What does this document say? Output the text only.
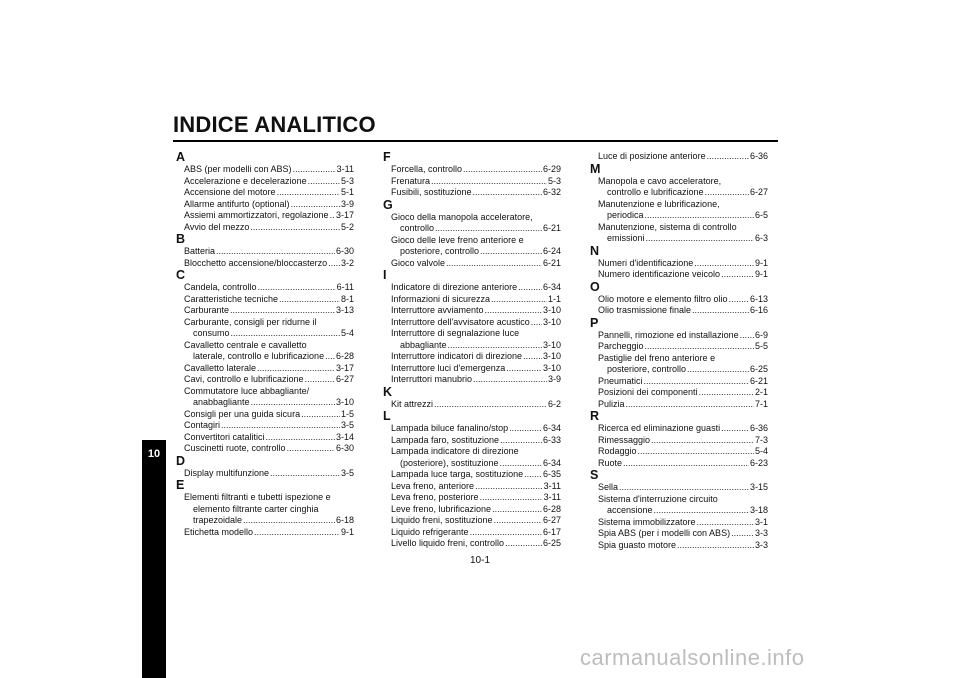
INDICE ANALITICO
10
A
ABS (per modelli con ABS) .....	3-11
Accelerazione e decelerazione .....	5-3
Accensione del motore .....	5-1
Allarme antifurto (optional) .....	3-9
Assiemi ammortizzatori, regolazione ..... 3-17
Avvio del mezzo .....	5-2
B
Batteria .....	6-30
Blocchetto accensione/bloccasterzo ..... 3-2
C
Candela, controllo .....	6-11
Caratteristiche tecniche .....	8-1
Carburante .....	3-13
Carburante, consigli per ridurne il
consumo .....	5-4
Cavalletto centrale e cavalletto
laterale, controllo e lubrificazione ..... 6-28
Cavalletto laterale .....	3-17
Cavi, controllo e lubrificazione .....	6-27
Commutatore luce abbagliante/
anabbagliante .....	3-10
Consigli per una guida sicura .....	1-5
Contagiri .....	3-5
Convertitori catalitici .....	3-14
Cuscinetti ruote, controllo .....	6-30
D
Display multifunzione .....	3-5
E
Elementi filtranti e tubetti ispezione e
elemento filtrante carter cinghia
trapezoidale .....	6-18
Etichetta modello .....	9-1
F
Forcella, controllo .....	6-29
Frenatura .....	5-3
Fusibili, sostituzione .....	6-32
G
Gioco della manopola acceleratore,
controllo .....	6-21
Gioco delle leve freno anteriore e
posteriore, controllo .....	6-24
Gioco valvole .....	6-21
I
Indicatore di direzione anteriore .....	6-34
Informazioni di sicurezza .....	1-1
Interruttore avviamento .....	3-10
Interruttore dell'avvisatore acustico ..... 3-10
Interruttore di segnalazione luce
abbagliante .....	3-10
Interruttore indicatori di direzione ..... 3-10
Interruttore luci d'emergenza .....	3-10
Interruttori manubrio .....	3-9
K
Kit attrezzi .....	6-2
L
Lampada biluce fanalino/stop .....	6-34
Lampada faro, sostituzione .....	6-33
Lampada indicatore di direzione
(posteriore), sostituzione .....	6-34
Lampada luce targa, sostituzione ..... 6-35
Leva freno, anteriore .....	3-11
Leva freno, posteriore .....	3-11
Leve freno, lubrificazione .....	6-28
Liquido freni, sostituzione .....	6-27
Liquido refrigerante .....	6-17
Livello liquido freni, controllo .....	6-25
Luce di posizione anteriore .....	6-36
M
Manopola e cavo acceleratore,
controllo e lubrificazione .....	6-27
Manutenzione e lubrificazione,
periodica .....	6-5
Manutenzione, sistema di controllo
emissioni .....	6-3
N
Numeri d'identificazione .....	9-1
Numero identificazione veicolo .....	9-1
O
Olio motore e elemento filtro olio ..... 6-13
Olio trasmissione finale .....	6-16
P
Pannelli, rimozione ed installazione ..... 6-9
Parcheggio .....	5-5
Pastiglie del freno anteriore e
posteriore, controllo .....	6-25
Pneumatici .....	6-21
Posizioni dei componenti .....	2-1
Pulizia .....	7-1
R
Ricerca ed eliminazione guasti .....	6-36
Rimessaggio .....	7-3
Rodaggio .....	5-4
Ruote .....	6-23
S
Sella .....	3-15
Sistema d'interruzione circuito
accensione .....	3-18
Sistema immobilizzatore .....	3-1
Spia ABS (per i modelli con ABS) .....	3-3
Spia guasto motore .....	3-3
10-1
carmanualsonline.info
